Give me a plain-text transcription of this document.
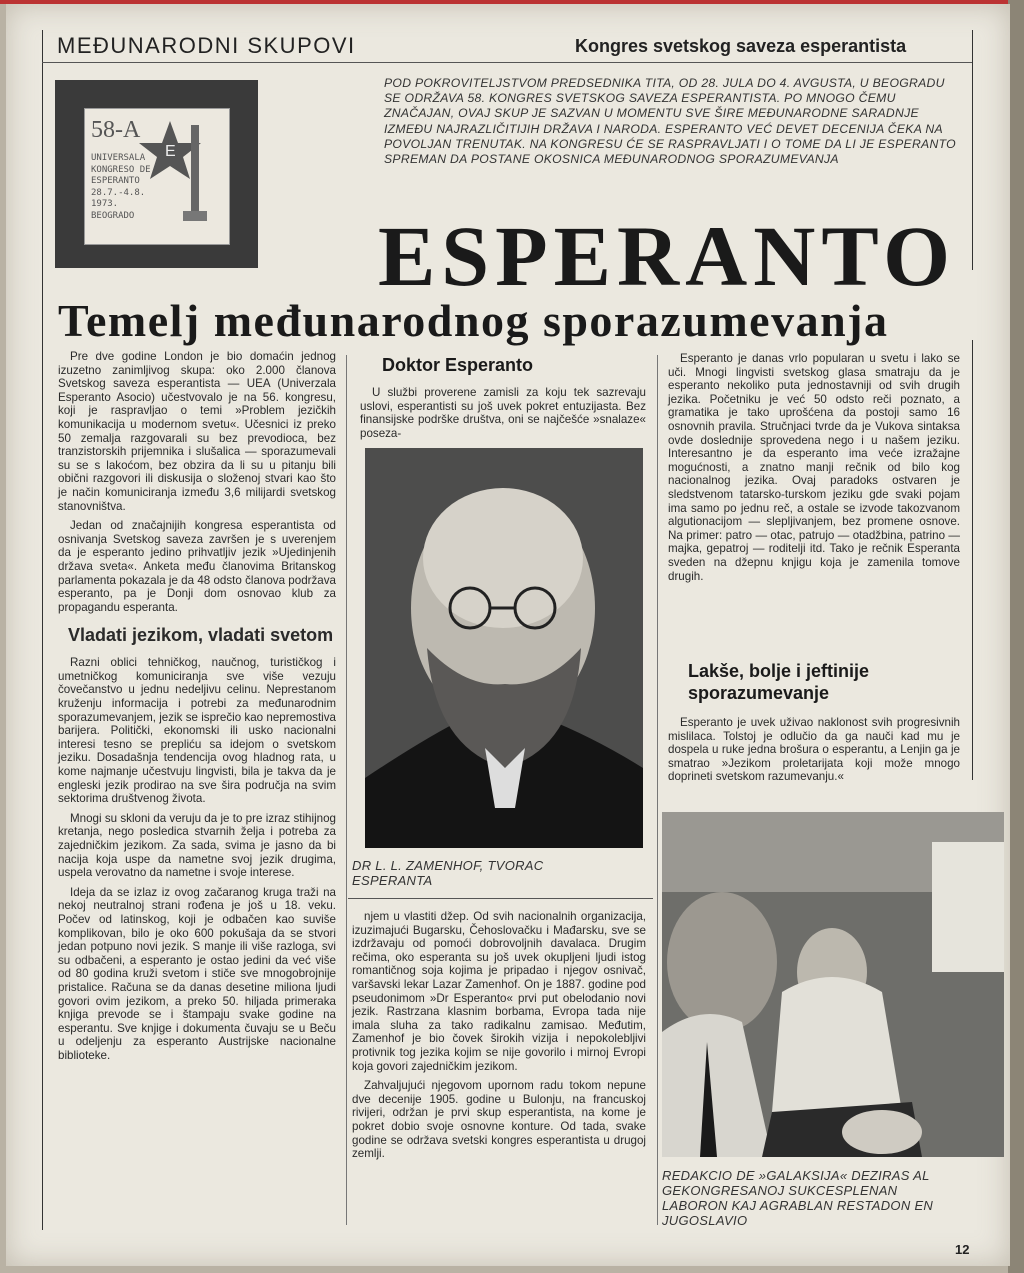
MEĐUNARODNI SKUPOVI	Kongres svetskog saveza esperantista
POD POKROVITELJSTVOM PREDSEDNIKA TITA, OD 28. JULA DO 4. AVGUSTA, U BEOGRADU SE ODRŽAVA 58. KONGRES SVETSKOG SAVEZA ESPERANTISTA. PO MNOGO ČEMU ZNAČAJAN, OVAJ SKUP JE SAZVAN U MOMENTU SVE ŠIRE MEĐUNARODNE SARADNJE IZMEĐU NAJRAZLIČITIJIH DRŽAVA I NARODA. ESPERANTO VEĆ DEVET DECENIJA ČEKA NA POVOLJAN TRENUTAK. NA KONGRESU ĆE SE RASPRAVLJATI I O TOME DA LI JE ESPERANTO SPREMAN DA POSTANE OKOSNICA MEĐUNARODNOG SPORAZUMEVANJA
58-A
E
UNIVERSALA
KONGRESO DE
ESPERANTO
28.7.-4.8.
1973.
BEOGRADO	ESPERANTO
Temelj međunarodnog sporazumevanja

Pre dve godine London je bio domaćin jednog izuzetno zanimljivog skupa: oko 2.000 članova Svetskog saveza esperantista — UEA (Univerzala Esperanto Asocio) učestvovalo je na 56. kongresu, koji je raspravljao o temi »Problem jezičkih komunikacija u modernom svetu«. Učesnici iz preko 50 zemalja razgovarali su bez prevodioca, bez tranzistorskih prijemnika i slušalica — sporazumevali su se s lakoćom, bez obzira da li su u pitanju bili obični razgovori ili diskusija o složenoj stvari kao što je način komuniciranja između 3,6 milijardi svetskog stanovništva.

Jedan od značajnijih kongresa esperantista od osnivanja Svetskog saveza završen je s uverenjem da je esperanto jedino prihvatljiv jezik »Ujedinjenih država sveta«. Anketa među članovima Britanskog parlamenta pokazala je da 48 odsto članova podržava esperanto, pa je Donji dom osnovao klub za propagandu esperanta.

Vladati jezikom, vladati svetom

Razni oblici tehničkog, naučnog, turističkog i umetničkog komuniciranja sve više vezuju čovečanstvo u jednu nedeljivu celinu. Neprestanom kruženju informacija i potrebi za međunarodnim sporazumevanjem, jezik se isprečio kao nepremostiva barijera. Politički, ekonomski ili usko nacionalni interesi tesno se prepliću sa idejom o svetskom jeziku. Dosadašnja tendencija ovog hladnog rata, u kome najmanje učestvuju lingvisti, bila je takva da je engleski jezik prodirao na sve šira područja na svim sektorima društvenog života.

Mnogi su skloni da veruju da je to pre izraz stihijnog kretanja, nego posledica stvarnih želja i potreba za zajedničkim jezikom. Za sada, svima je jasno da bi nacija koja uspe da nametne svoj jezik drugima, uspela verovatno da nametne i svoje interese.

Ideja da se izlaz iz ovog začaranog kruga traži na nekoj neutralnoj strani rođena je još u 18. veku. Počev od latinskog, koji je odbačen kao suviše komplikovan, bilo je oko 600 pokušaja da se stvori jedan potpuno novi jezik. S manje ili više razloga, svi su odbačeni, a esperanto je ostao jedini da već više od 80 godina kruži svetom i stiče sve mnogobrojnije pristalice. Računa se da danas desetine miliona ljudi govori ovim jezikom, a preko 50. hiljada primeraka knjiga prevode se i štampaju svake godine na esperantu. Sve knjige i dokumenta čuvaju se u Beču u odeljenju za esperanto Austrijske nacionalne biblioteke.

Doktor Esperanto

U službi proverene zamisli za koju tek sazrevaju uslovi, esperantisti su još uvek pokret entuzijasta. Bez finansijske podrške društva, oni se najčešće »snalaze« poseza-

DR L. L. ZAMENHOF, TVORAC ESPERANTA

njem u vlastiti džep. Od svih nacionalnih organizacija, izuzimajući Bugarsku, Čehoslovačku i Mađarsku, sve se izdržavaju od pomoći dobrovoljnih davalaca. Drugim rečima, oko esperanta su još uvek okupljeni ljudi istog romantičnog soja kojima je pripadao i njegov osnivač, varšavski lekar Lazar Zamenhof. On je 1887. godine pod pseudonimom »Dr Esperanto« prvi put obelodanio novi jezik. Rastrzana klasnim borbama, Evropa tada nije imala sluha za tako radikalnu zamisao. Međutim, Zamenhof je bio čovek širokih vizija i nepokolebljivi protivnik tog jezika kojim se nije govorilo i mirnoj Evropi koja govori zajedničkim jezikom.

Zahvaljujući njegovom upornom radu tokom nepune dve decenije 1905. godine u Bulonju, na francuskoj rivijeri, održan je prvi skup esperantista, na kome je pokret dobio svoje osnovne konture. Od tada, svake godine se održava svetski kongres esperantista u drugoj zemlji.

Esperanto je danas vrlo popularan u svetu i lako se uči. Mnogi lingvisti svetskog glasa smatraju da je esperanto nekoliko puta jednostavniji od svih drugih jezika. Početniku je već 50 odsto reči poznato, a gramatika je tako uprošćena da postoji samo 16 osnovnih pravila. Stručnjaci tvrde da je Vukova sintaksa ovde doslednije sprovedena nego i u našem jeziku. Interesantno je da esperanto ima veće izražajne mogućnosti, a znatno manji rečnik od bilo kog nacionalnog jezika. Ovaj paradoks ostvaren je sledstvenom tatarsko-turskom jeziku gde svaki pojam ima samo po jednu reč, a ostale se izvode takozvanom algutionacijom — slepljivanjem, bez promene osnove. Na primer: patro — otac, patrujo — otadžbina, patrino — majka, gepatroj — roditelji itd. Tako je rečnik Esperanta sveden na džepnu knjigu koja je zamenila tomove drugih.

Lakše, bolje i jeftinije sporazumevanje

Esperanto je uvek uživao naklonost svih progresivnih mislilaca. Tolstoj je odlučio da ga nauči kad mu je dospela u ruke jedna brošura o esperantu, a Lenjin ga je smatrao »Jezikom proletarijata koji može mnogo doprineti svetskom razumevanju.«

REDAKCIO DE »GALAKSIJA« DEZIRAS AL GEKONGRESANOJ SUKCESPLENAN LABORON KAJ AGRABLAN RESTADON EN JUGOSLAVIO
12
